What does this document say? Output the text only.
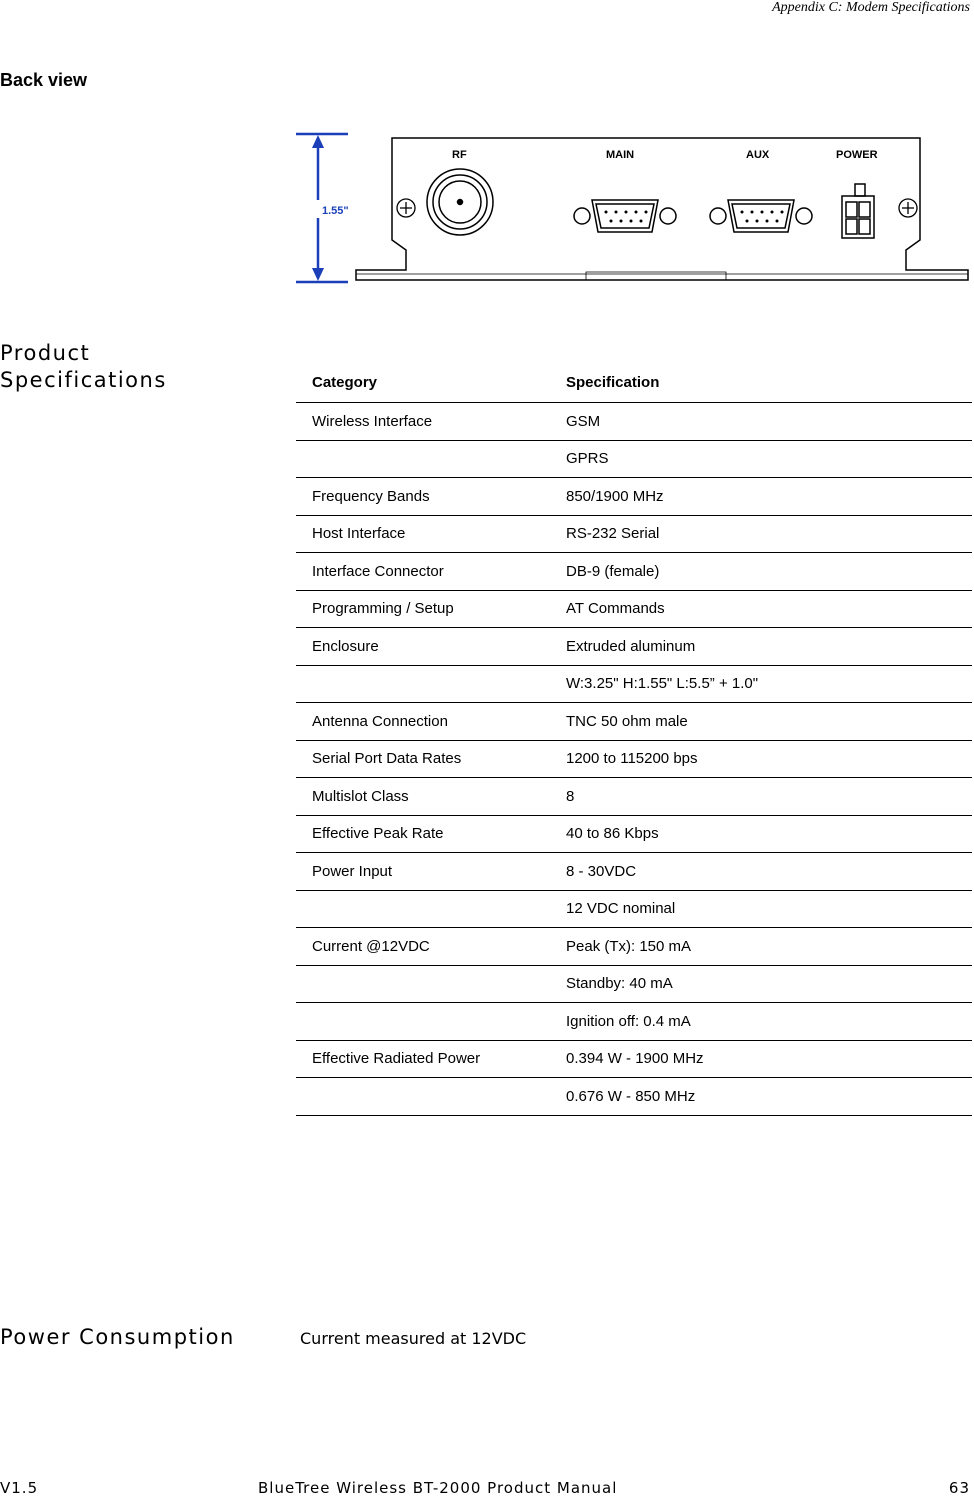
Appendix C: Modem Specifications
Back view
1.55"
RF	MAIN	AUX	POWER
Product
Specifications	Category	Specification
Wireless Interface	GSM
	GPRS
Frequency Bands	850/1900 MHz
Host Interface	RS-232 Serial
Interface Connector	DB-9 (female)
Programming / Setup	AT Commands
Enclosure	Extruded aluminum
	W:3.25" H:1.55" L:5.5” + 1.0"
Antenna Connection	TNC 50 ohm male
Serial Port Data Rates	1200 to 115200 bps
Multislot Class	8
Effective Peak Rate	40 to 86 Kbps
Power Input	8 - 30VDC
	12 VDC nominal
Current @12VDC	Peak (Tx): 150 mA
	Standby: 40 mA
	Ignition off: 0.4 mA
Effective Radiated Power	0.394 W - 1900 MHz
	0.676 W - 850 MHz
Power Consumption	Current measured at 12VDC
V1.5	BlueTree Wireless BT-2000 Product Manual	63
